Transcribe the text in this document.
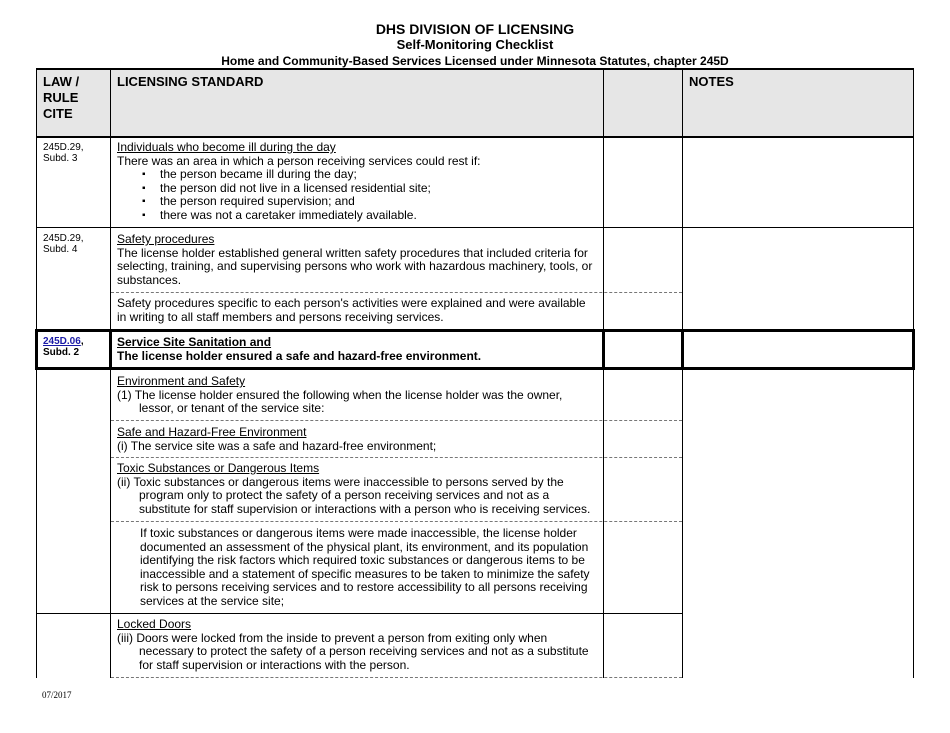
DHS DIVISION OF LICENSING
Self-Monitoring Checklist
Home and Community-Based Services Licensed under Minnesota Statutes, chapter 245D
LAW /
RULE
CITE
LICENSING STANDARD	NOTES
245D.29,
Subd. 3
Individuals who become ill during the day
There was an area in which a person receiving services could rest if:
▪ the person became ill during the day;
▪ the person did not live in a licensed residential site;
▪ the person required supervision; and
▪ there was not a caretaker immediately available.
245D.29,
Subd. 4
Safety procedures
The license holder established general written safety procedures that included criteria for selecting, training, and supervising persons who work with hazardous machinery, tools, or substances.
Safety procedures specific to each person's activities were explained and were available in writing to all staff members and persons receiving services.
245D.06,
Subd. 2
Service Site Sanitation and
The license holder ensured a safe and hazard-free environment.
Environment and Safety
(1) The license holder ensured the following when the license holder was the owner, lessor, or tenant of the service site:
Safe and Hazard-Free Environment
(i) The service site was a safe and hazard-free environment;
Toxic Substances or Dangerous Items
(ii) Toxic substances or dangerous items were inaccessible to persons served by the program only to protect the safety of a person receiving services and not as a substitute for staff supervision or interactions with a person who is receiving services.
If toxic substances or dangerous items were made inaccessible, the license holder documented an assessment of the physical plant, its environment, and its population identifying the risk factors which required toxic substances or dangerous items to be inaccessible and a statement of specific measures to be taken to minimize the safety risk to persons receiving services and to restore accessibility to all persons receiving services at the service site;
Locked Doors
(iii) Doors were locked from the inside to prevent a person from exiting only when necessary to protect the safety of a person receiving services and not as a substitute for staff supervision or interactions with the person.
07/2017
